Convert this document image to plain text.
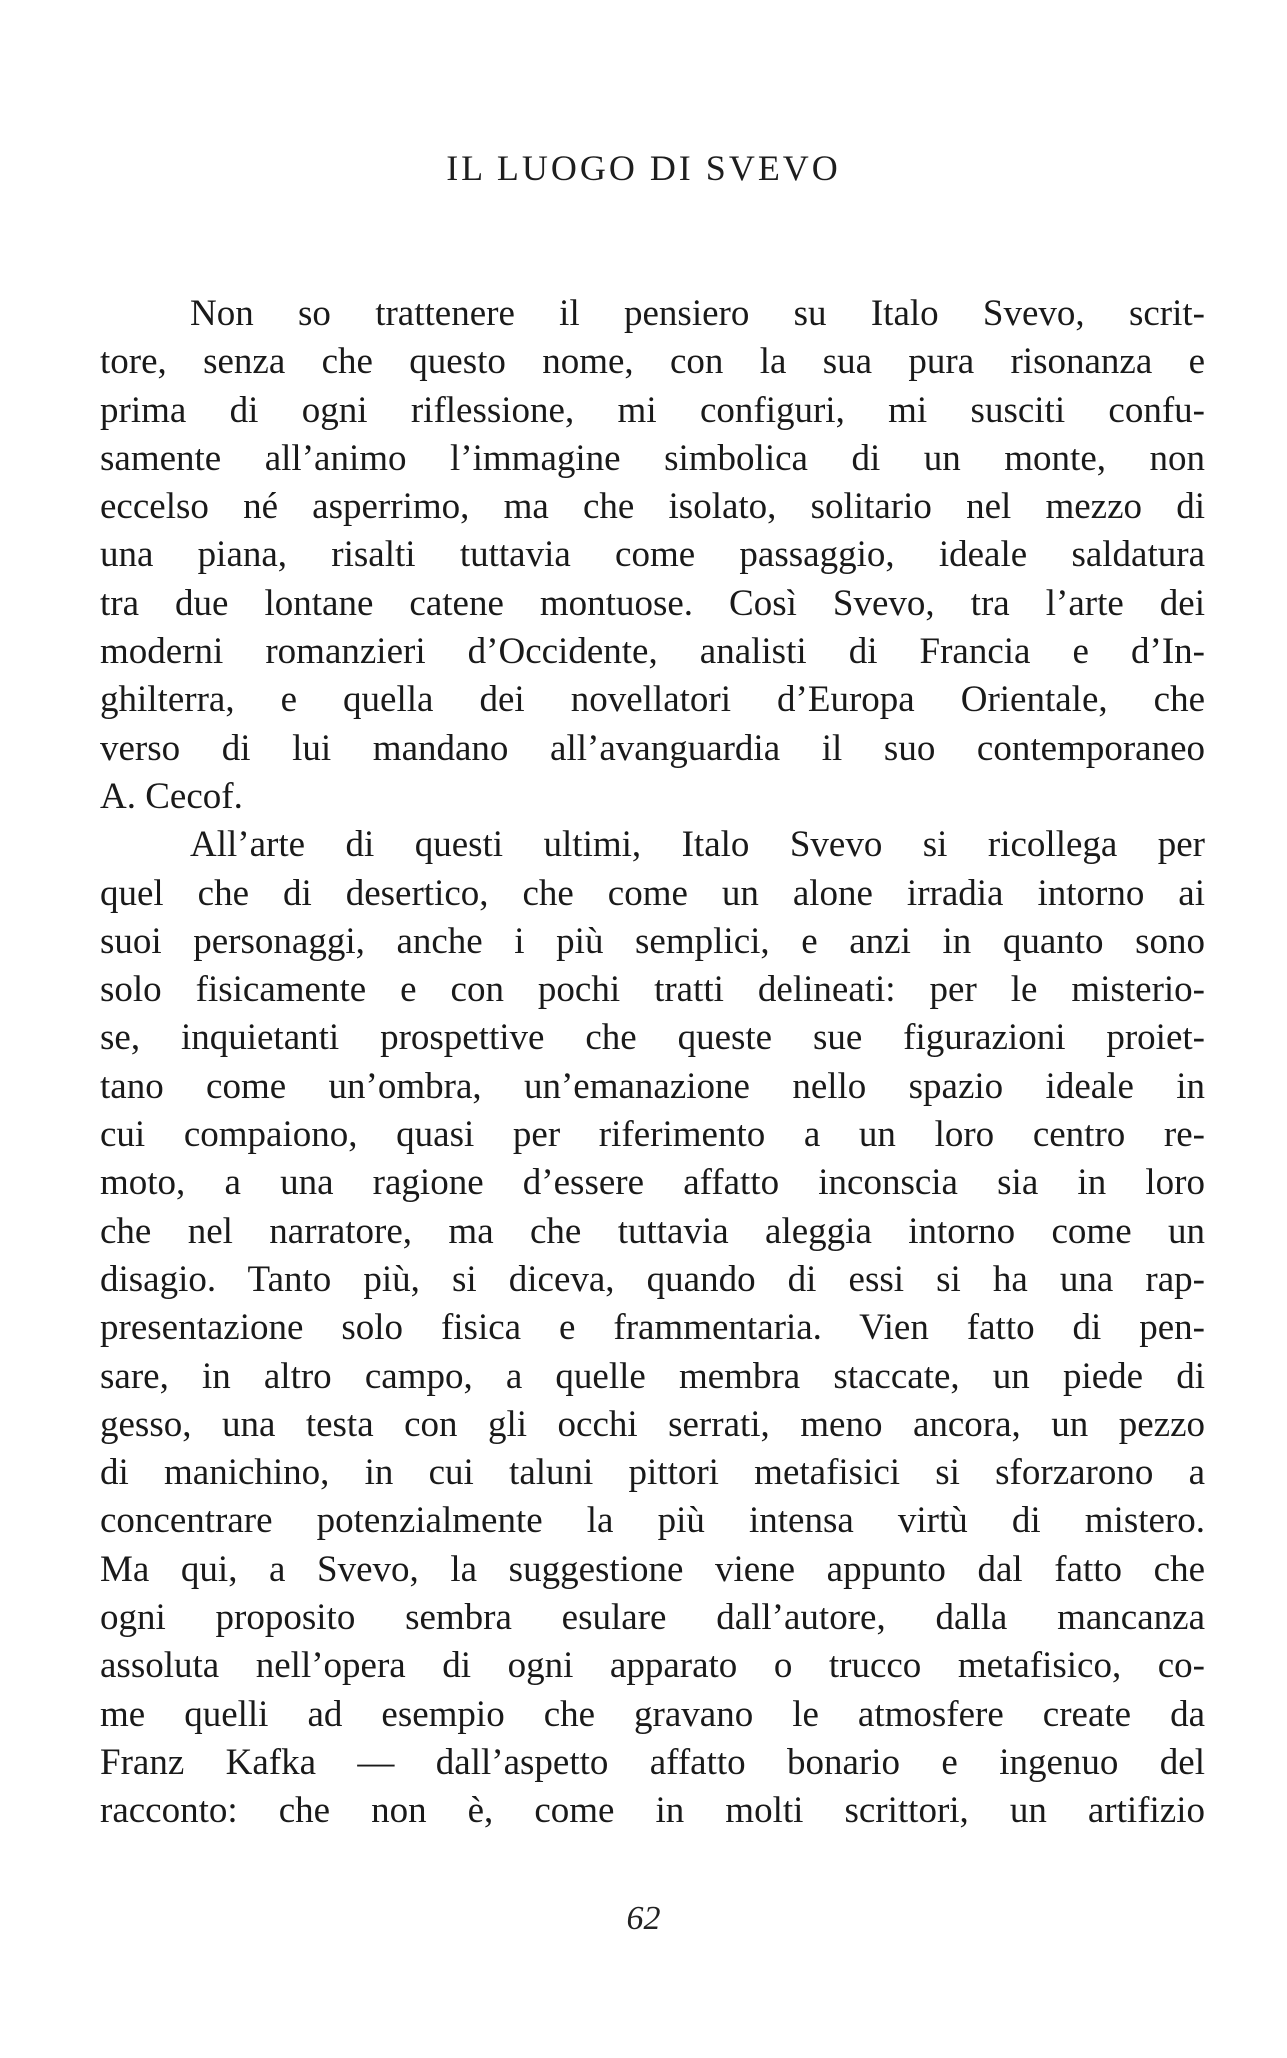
IL LUOGO DI SVEVO
Non so trattenere il pensiero su Italo Svevo, scrit-
tore, senza che questo nome, con la sua pura risonanza e
prima di ogni riflessione, mi configuri, mi susciti confu-
samente all’animo l’immagine simbolica di un monte, non
eccelso né asperrimo, ma che isolato, solitario nel mezzo di
una piana, risalti tuttavia come passaggio, ideale saldatura
tra due lontane catene montuose. Così Svevo, tra l’arte dei
moderni romanzieri d’Occidente, analisti di Francia e d’In-
ghilterra, e quella dei novellatori d’Europa Orientale, che
verso di lui mandano all’avanguardia il suo contemporaneo
A. Cecof.
All’arte di questi ultimi, Italo Svevo si ricollega per
quel che di desertico, che come un alone irradia intorno ai
suoi personaggi, anche i più semplici, e anzi in quanto sono
solo fisicamente e con pochi tratti delineati: per le misterio-
se, inquietanti prospettive che queste sue figurazioni proiet-
tano come un’ombra, un’emanazione nello spazio ideale in
cui compaiono, quasi per riferimento a un loro centro re-
moto, a una ragione d’essere affatto inconscia sia in loro
che nel narratore, ma che tuttavia aleggia intorno come un
disagio. Tanto più, si diceva, quando di essi si ha una rap-
presentazione solo fisica e frammentaria. Vien fatto di pen-
sare, in altro campo, a quelle membra staccate, un piede di
gesso, una testa con gli occhi serrati, meno ancora, un pezzo
di manichino, in cui taluni pittori metafisici si sforzarono a
concentrare potenzialmente la più intensa virtù di mistero.
Ma qui, a Svevo, la suggestione viene appunto dal fatto che
ogni proposito sembra esulare dall’autore, dalla mancanza
assoluta nell’opera di ogni apparato o trucco metafisico, co-
me quelli ad esempio che gravano le atmosfere create da
Franz Kafka — dall’aspetto affatto bonario e ingenuo del
racconto: che non è, come in molti scrittori, un artifizio
62
